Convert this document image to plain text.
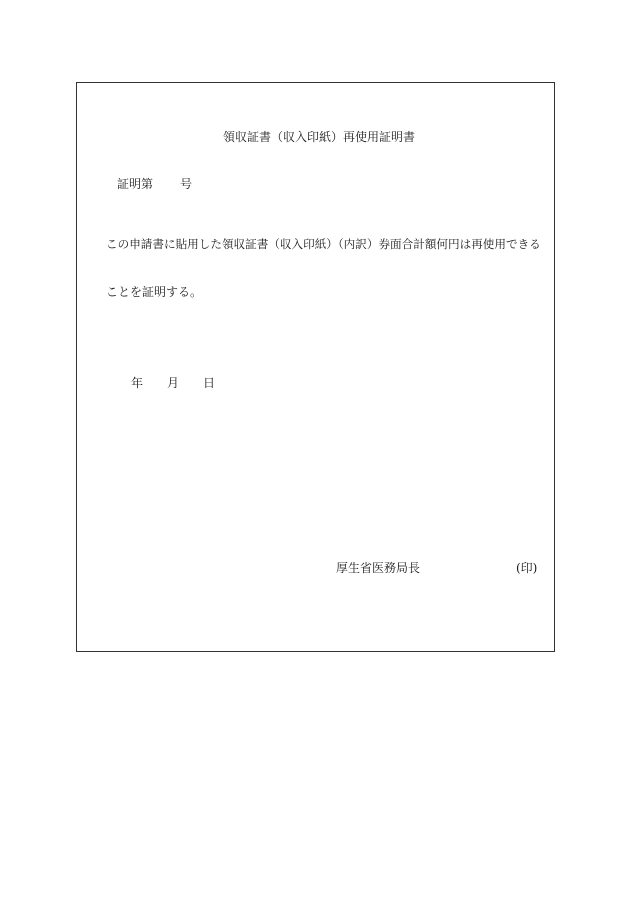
領収証書（収入印紙）再使用証明書
証明第 号
この申請書に貼用した領収証書（収入印紙）（内訳）券面合計額何円は再使用できる
ことを証明する。
年 月 日
厚生省医務局長	(印)
